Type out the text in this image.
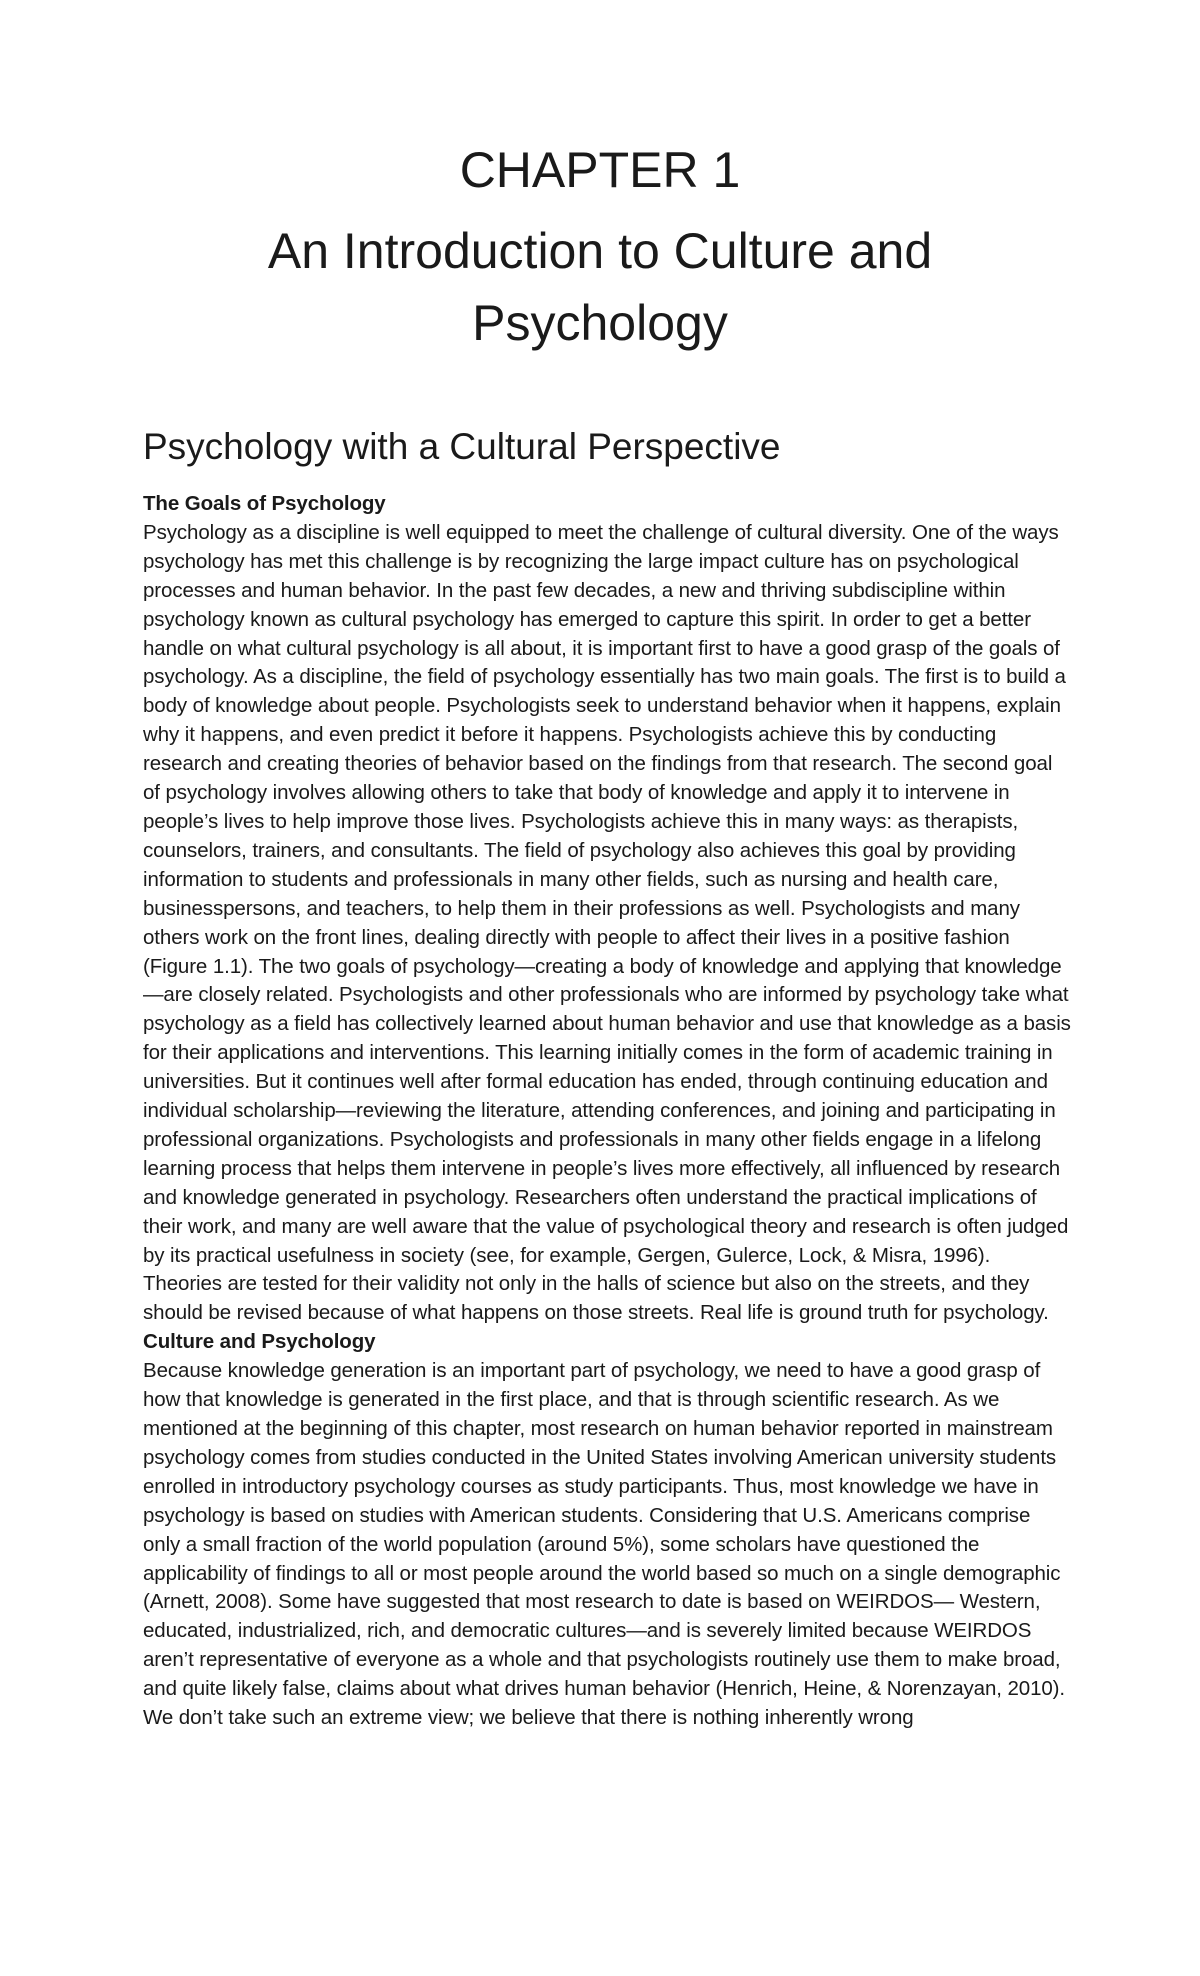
CHAPTER 1
An Introduction to Culture and Psychology
Psychology with a Cultural Perspective

The Goals of Psychology

Psychology as a discipline is well equipped to meet the challenge of cultural diversity. One of the ways psychology has met this challenge is by recognizing the large impact culture has on psychological processes and human behavior. In the past few decades, a new and thriving subdiscipline within psychology known as cultural psychology has emerged to capture this spirit. In order to get a better handle on what cultural psychology is all about, it is important first to have a good grasp of the goals of psychology. As a discipline, the field of psychology essentially has two main goals. The first is to build a body of knowledge about people. Psychologists seek to understand behavior when it happens, explain why it happens, and even predict it before it happens. Psychologists achieve this by conducting research and creating theories of behavior based on the findings from that research. The second goal of psychology involves allowing others to take that body of knowledge and apply it to intervene in people’s lives to help improve those lives. Psychologists achieve this in many ways: as therapists, counselors, trainers, and consultants. The field of psychology also achieves this goal by providing information to students and professionals in many other fields, such as nursing and health care, businesspersons, and teachers, to help them in their professions as well. Psychologists and many others work on the front lines, dealing directly with people to affect their lives in a positive fashion (Figure 1.1). The two goals of psychology—creating a body of knowledge and applying that knowledge—are closely related. Psychologists and other professionals who are informed by psychology take what psychology as a field has collectively learned about human behavior and use that knowledge as a basis for their applications and interventions. This learning initially comes in the form of academic training in universities. But it continues well after formal education has ended, through continuing education and individual scholarship—reviewing the literature, attending conferences, and joining and participating in professional organizations. Psychologists and professionals in many other fields engage in a lifelong learning process that helps them intervene in people’s lives more effectively, all influenced by research and knowledge generated in psychology. Researchers often understand the practical implications of their work, and many are well aware that the value of psychological theory and research is often judged by its practical usefulness in society (see, for example, Gergen, Gulerce, Lock, & Misra, 1996). Theories are tested for their validity not only in the halls of science but also on the streets, and they should be revised because of what happens on those streets. Real life is ground truth for psychology.

Culture and Psychology

Because knowledge generation is an important part of psychology, we need to have a good grasp of how that knowledge is generated in the first place, and that is through scientific research. As we mentioned at the beginning of this chapter, most research on human behavior reported in mainstream psychology comes from studies conducted in the United States involving American university students enrolled in introductory psychology courses as study participants. Thus, most knowledge we have in psychology is based on studies with American students. Considering that U.S. Americans comprise only a small fraction of the world population (around 5%), some scholars have questioned the applicability of findings to all or most people around the world based so much on a single demographic (Arnett, 2008). Some have suggested that most research to date is based on WEIRDOS— Western, educated, industrialized, rich, and democratic cultures—and is severely limited because WEIRDOS aren’t representative of everyone as a whole and that psychologists routinely use them to make broad, and quite likely false, claims about what drives human behavior (Henrich, Heine, & Norenzayan, 2010). We don’t take such an extreme view; we believe that there is nothing inherently wrong
